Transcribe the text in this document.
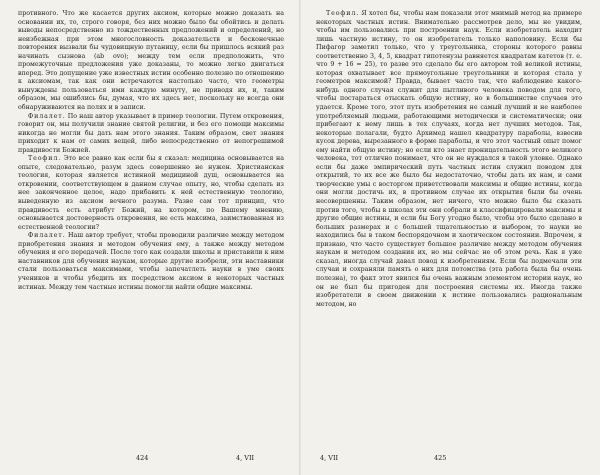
противного. Что же касается других аксиом, которые можно доказать на основании их, то, строго говоря, без них можно было бы обойтись и делать выводы непосредственно из тождественных предложений и определений, но неизбежная при этом многословность доказательств и бесконечные повторения вызвали бы чудовищную путаницу, если бы пришлось всякий раз начинать сызнова (ab ovo); между тем если предположить, что промежуточные предложения уже доказаны, то можно легко двигаться вперед. Это допущение уже известных истин особенно полезно по отношению к аксиомам, так как они встречаются настолько часто, что геометры вынуждены пользоваться ими каждую минуту, не приводя их, и, таким образом, мы ошиблись бы, думая, что их здесь нет, поскольку не всегда они обнаруживаются на полях и в записи.

Филалет. По наш автор указывает в пример теологии. Путем откровения, говорит он, мы получили знание святой религии, и без его помощи максимы никогда не могли бы дать нам этого знания. Таким образом, свет знания приходит к нам от самих вещей, либо непосредственно от непогрешимой правдивости Божией.

Теофил. Это все равно как если бы я сказал: медицина основывается на опыте, следовательно, разум здесь совершенно не нужен. Христианская теология, которая является истинной медициной душ, основывается на откровении, соответствующем в данном случае опыту, но, чтобы сделать из нее законченное целое, надо прибавить к ней естественную теологию, выведенную из аксиом вечного разума. Разве сам тот принцип, что правдивость есть атрибут Божий, на котором, по Вашему мнению, основывается достоверность откровения, не есть максима, заимствованная из естественной теологии?

Филалет. Наш автор требует, чтобы проводили различие между методом приобретения знания и методом обучения ему, а также между методом обучения и его передачей. После того как создали школы и приставили к ним наставников для обучения наукам, которые другие изобрели, эти наставники стали пользоваться максимами, чтобы запечатлеть науки в уме своих учеников и чтобы убедить их посредством аксиом в некоторых частных истинах. Между тем частные истины помогли найти общие максимы.

424	4, VII

Теофил. Я хотел бы, чтобы нам показали этот мнимый метод на примере некоторых частных истин. Внимательно рассмотрев дело, мы не увидим, чтобы им пользовались при построении наук. Если изобретатель находит лишь частную истину, то он изобретатель только наполовину. Если бы Пифагор заметил только, что у треугольника, стороны которого равны соответственно 3, 4, 5, квадрат гипотенузы равняется квадратам катетов (т. е. что 9 + 16 = 25), то разве это сделало бы его автором той великой истины, которая охватывает все прямоугольные треугольники и которая стала у геометров максимой? Правда, бывает часто так, что наблюдение какого-нибудь одного случая служит для пытливого человека поводом для того, чтобы постараться отыскать общую истину, но в большинстве случаев это удается. Кроме того, этот путь изобретения не самый лучший и не наиболее употребляемый людьми, работающими методически и систематически; они прибегают к нему лишь в тех случаях, когда нет лучших методов. Так, некоторые полагали, будто Архимед нашел квадратуру параболы, взвесив кусок дерева, вырезанного в форме параболы, и что этот частный опыт помог ему найти общую истину; но если кто знает проницательность этого великого человека, тот отлично понимает, что он не нуждался в такой уловке. Однако если бы даже эмпирический путь частных истин служил поводом для открытий, то их все же было бы недостаточно, чтобы дать их нам, и сами творческие умы с восторгом приветствовали максимы и общие истины, когда они могли достичь их, в противном случае их открытия были бы очень несовершенны. Таким образом, нет ничего, что можно было бы сказать против того, чтобы в школах эти они собрали и классифицировали максимы и другие общие истины, и если бы Богу угодно было, чтобы это было сделано в больших размерах и с большей тщательностью и выбором, то науки не находились бы в таком беспорядочном и хаотическом состоянии. Впрочем, я признаю, что часто существует большое различие между методом обучения наукам и методом создания их, но мы сейчас не об этом речь. Как я уже сказал, иногда случай давал повод к изобретениям. Если бы подмечали эти случаи и сохраняли память о них для потомства (эта работа была бы очень полезна), то факт этот явился бы очень важным элементом истории наук, но он не был бы пригоден для построения системы их. Иногда также изобретатели в своем движении к истине пользовались рациональным методом, но

4, VII	425
